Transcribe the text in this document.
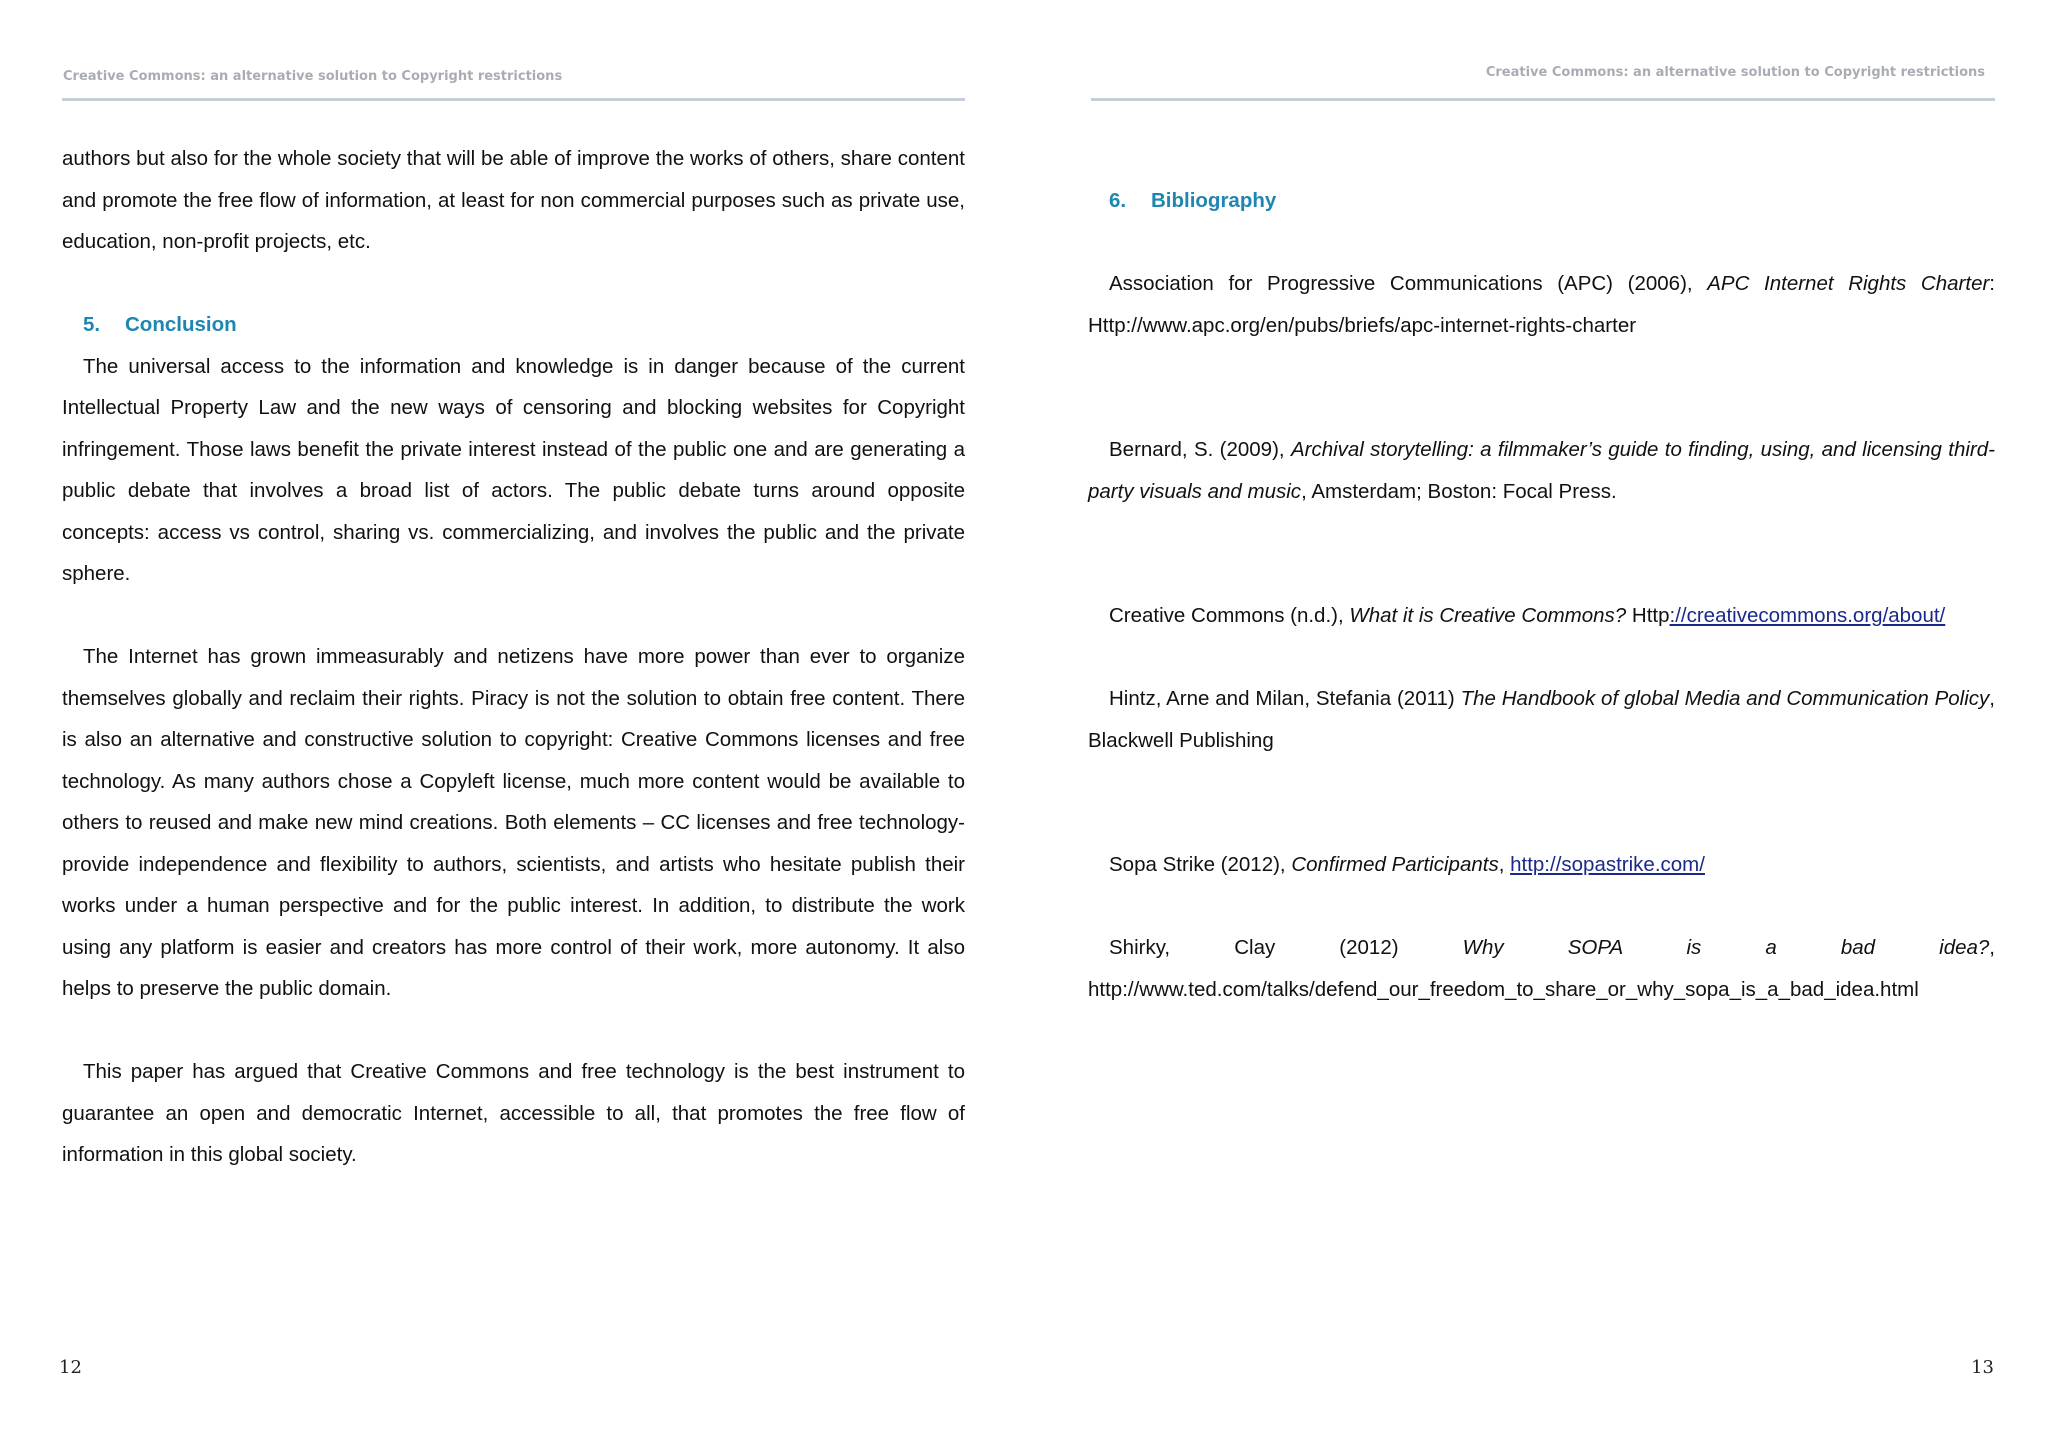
Creative Commons: an alternative solution to Copyright restrictions

authors but also for the whole society that will be able of improve the works of others, share content and promote the free flow of information, at least for non commercial purposes such as private use, education, non-profit projects, etc.

5. Conclusion

The universal access to the information and knowledge is in danger because of the current Intellectual Property Law and the new ways of censoring and blocking websites for Copyright infringement. Those laws benefit the private interest instead of the public one and are generating a public debate that involves a broad list of actors. The public debate turns around opposite concepts: access vs control, sharing vs. commercializing, and involves the public and the private sphere.

The Internet has grown immeasurably and netizens have more power than ever to organize themselves globally and reclaim their rights. Piracy is not the solution to obtain free content. There is also an alternative and constructive solution to copyright: Creative Commons licenses and free technology. As many authors chose a Copyleft license, much more content would be available to others to reused and make new mind creations. Both elements – CC licenses and free technology- provide independence and flexibility to authors, scientists, and artists who hesitate publish their works under a human perspective and for the public interest. In addition, to distribute the work using any platform is easier and creators has more control of their work, more autonomy. It also helps to preserve the public domain.

This paper has argued that Creative Commons and free technology is the best instrument to guarantee an open and democratic Internet, accessible to all, that promotes the free flow of information in this global society.

12
Creative Commons: an alternative solution to Copyright restrictions

6. Bibliography

Association for Progressive Communications (APC) (2006), APC Internet Rights Charter: Http://www.apc.org/en/pubs/briefs/apc-internet-rights-charter

Bernard, S. (2009), Archival storytelling: a filmmaker’s guide to finding, using, and licensing third-party visuals and music, Amsterdam; Boston: Focal Press.

Creative Commons (n.d.), What it is Creative Commons? Http://creativecommons.org/about/

Hintz, Arne and Milan, Stefania (2011) The Handbook of global Media and Communication Policy, Blackwell Publishing

Sopa Strike (2012), Confirmed Participants, http://sopastrike.com/

Shirky, Clay (2012) Why SOPA is a bad idea?, http://www.ted.com/talks/defend_our_freedom_to_share_or_why_sopa_is_a_bad_idea.html

13
